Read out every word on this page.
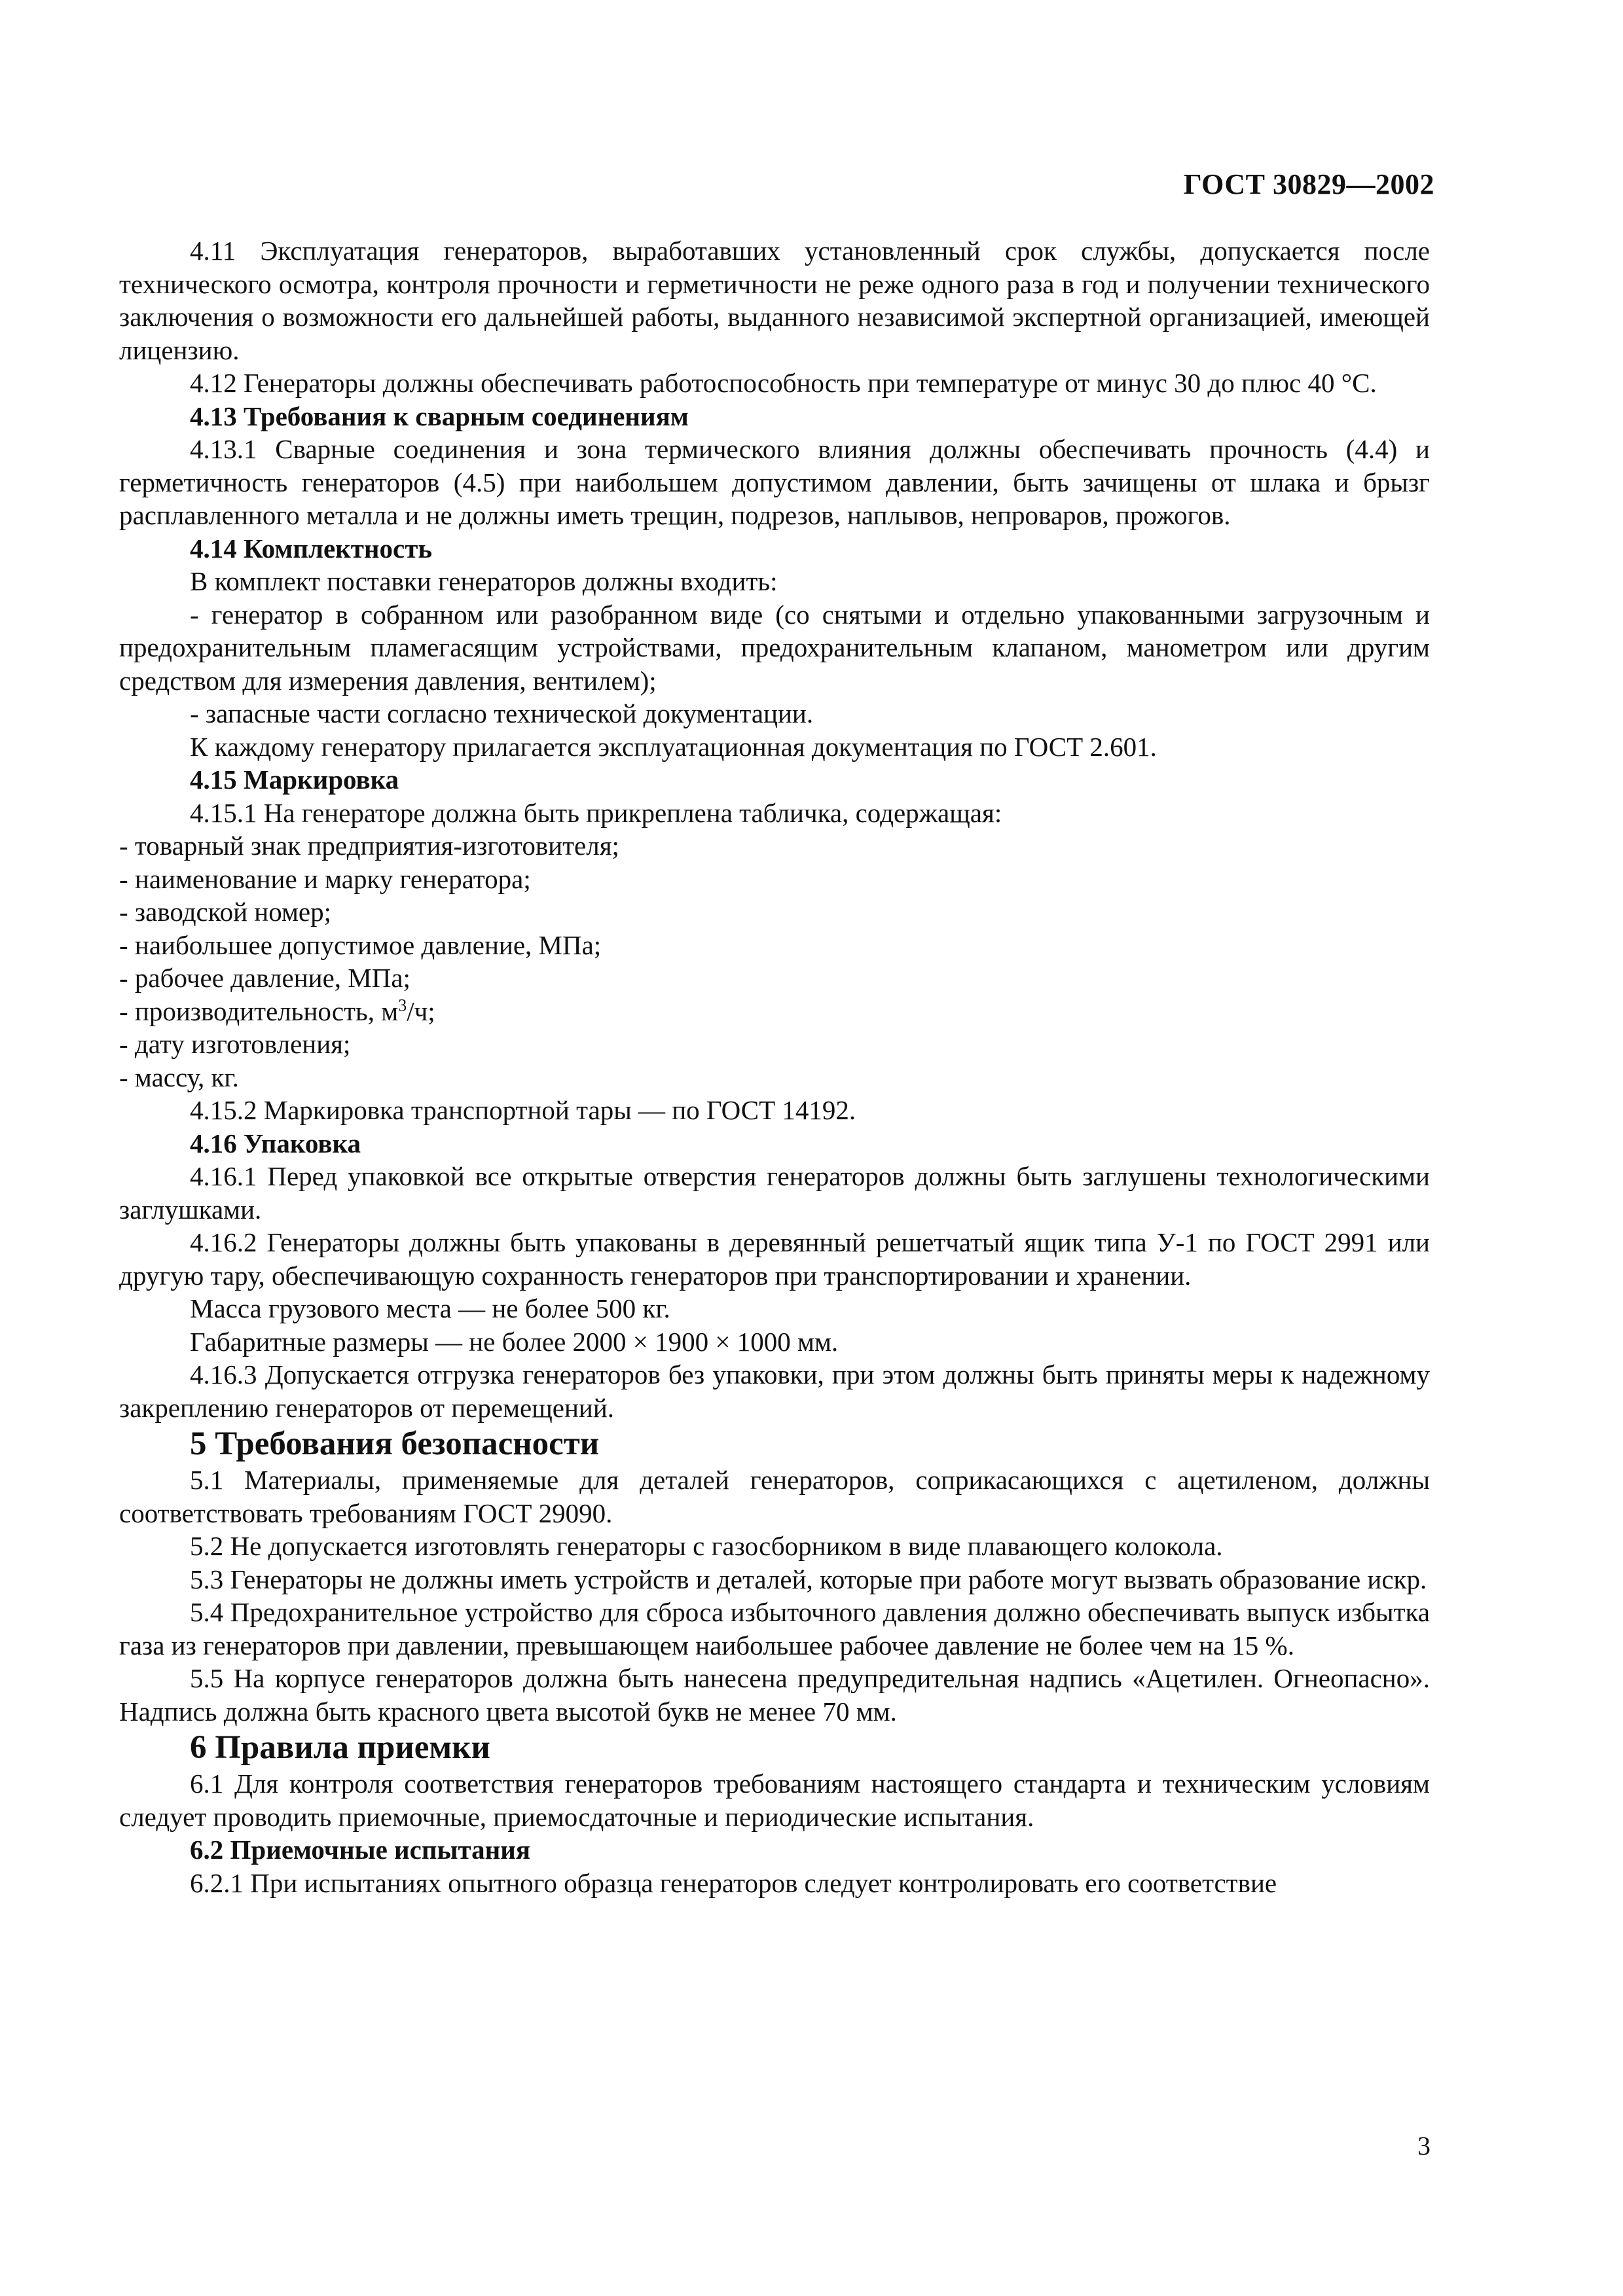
ГОСТ 30829—2002

4.11 Эксплуатация генераторов, выработавших установленный срок службы, допускается после технического осмотра, контроля прочности и герметичности не реже одного раза в год и получении технического заключения о возможности его дальнейшей работы, выданного независимой экспертной организацией, имеющей лицензию.

4.12 Генераторы должны обеспечивать работоспособность при температуре от минус 30 до плюс 40 °С.

4.13 Требования к сварным соединениям

4.13.1 Сварные соединения и зона термического влияния должны обеспечивать прочность (4.4) и герметичность генераторов (4.5) при наибольшем допустимом давлении, быть зачищены от шлака и брызг расплавленного металла и не должны иметь трещин, подрезов, наплывов, непроваров, прожогов.

4.14 Комплектность

В комплект поставки генераторов должны входить:

- генератор в собранном или разобранном виде (со снятыми и отдельно упакованными загрузочным и предохранительным пламегасящим устройствами, предохранительным клапаном, манометром или другим средством для измерения давления, вентилем);

- запасные части согласно технической документации.

К каждому генератору прилагается эксплуатационная документация по ГОСТ 2.601.

4.15 Маркировка

4.15.1 На генераторе должна быть прикреплена табличка, содержащая:

- товарный знак предприятия-изготовителя;

- наименование и марку генератора;

- заводской номер;

- наибольшее допустимое давление, МПа;

- рабочее давление, МПа;

- производительность, $м^3/ч$;

- дату изготовления;

- массу, кг.

4.15.2 Маркировка транспортной тары — по ГОСТ 14192.

4.16 Упаковка

4.16.1 Перед упаковкой все открытые отверстия генераторов должны быть заглушены технологическими заглушками.

4.16.2 Генераторы должны быть упакованы в деревянный решетчатый ящик типа У-1 по ГОСТ 2991 или другую тару, обеспечивающую сохранность генераторов при транспортировании и хранении.

Масса грузового места — не более 500 кг.

Габаритные размеры — не более 2000 × 1900 × 1000 мм.

4.16.3 Допускается отгрузка генераторов без упаковки, при этом должны быть приняты меры к надежному закреплению генераторов от перемещений.

5 Требования безопасности

5.1 Материалы, применяемые для деталей генераторов, соприкасающихся с ацетиленом, должны соответствовать требованиям ГОСТ 29090.

5.2 Не допускается изготовлять генераторы с газосборником в виде плавающего колокола.

5.3 Генераторы не должны иметь устройств и деталей, которые при работе могут вызвать образование искр.

5.4 Предохранительное устройство для сброса избыточного давления должно обеспечивать выпуск избытка газа из генераторов при давлении, превышающем наибольшее рабочее давление не более чем на 15 %.

5.5 На корпусе генераторов должна быть нанесена предупредительная надпись «Ацетилен. Огнеопасно». Надпись должна быть красного цвета высотой букв не менее 70 мм.

6 Правила приемки

6.1 Для контроля соответствия генераторов требованиям настоящего стандарта и техническим условиям следует проводить приемочные, приемосдаточные и периодические испытания.

6.2 Приемочные испытания

6.2.1 При испытаниях опытного образца генераторов следует контролировать его соответствие

3
